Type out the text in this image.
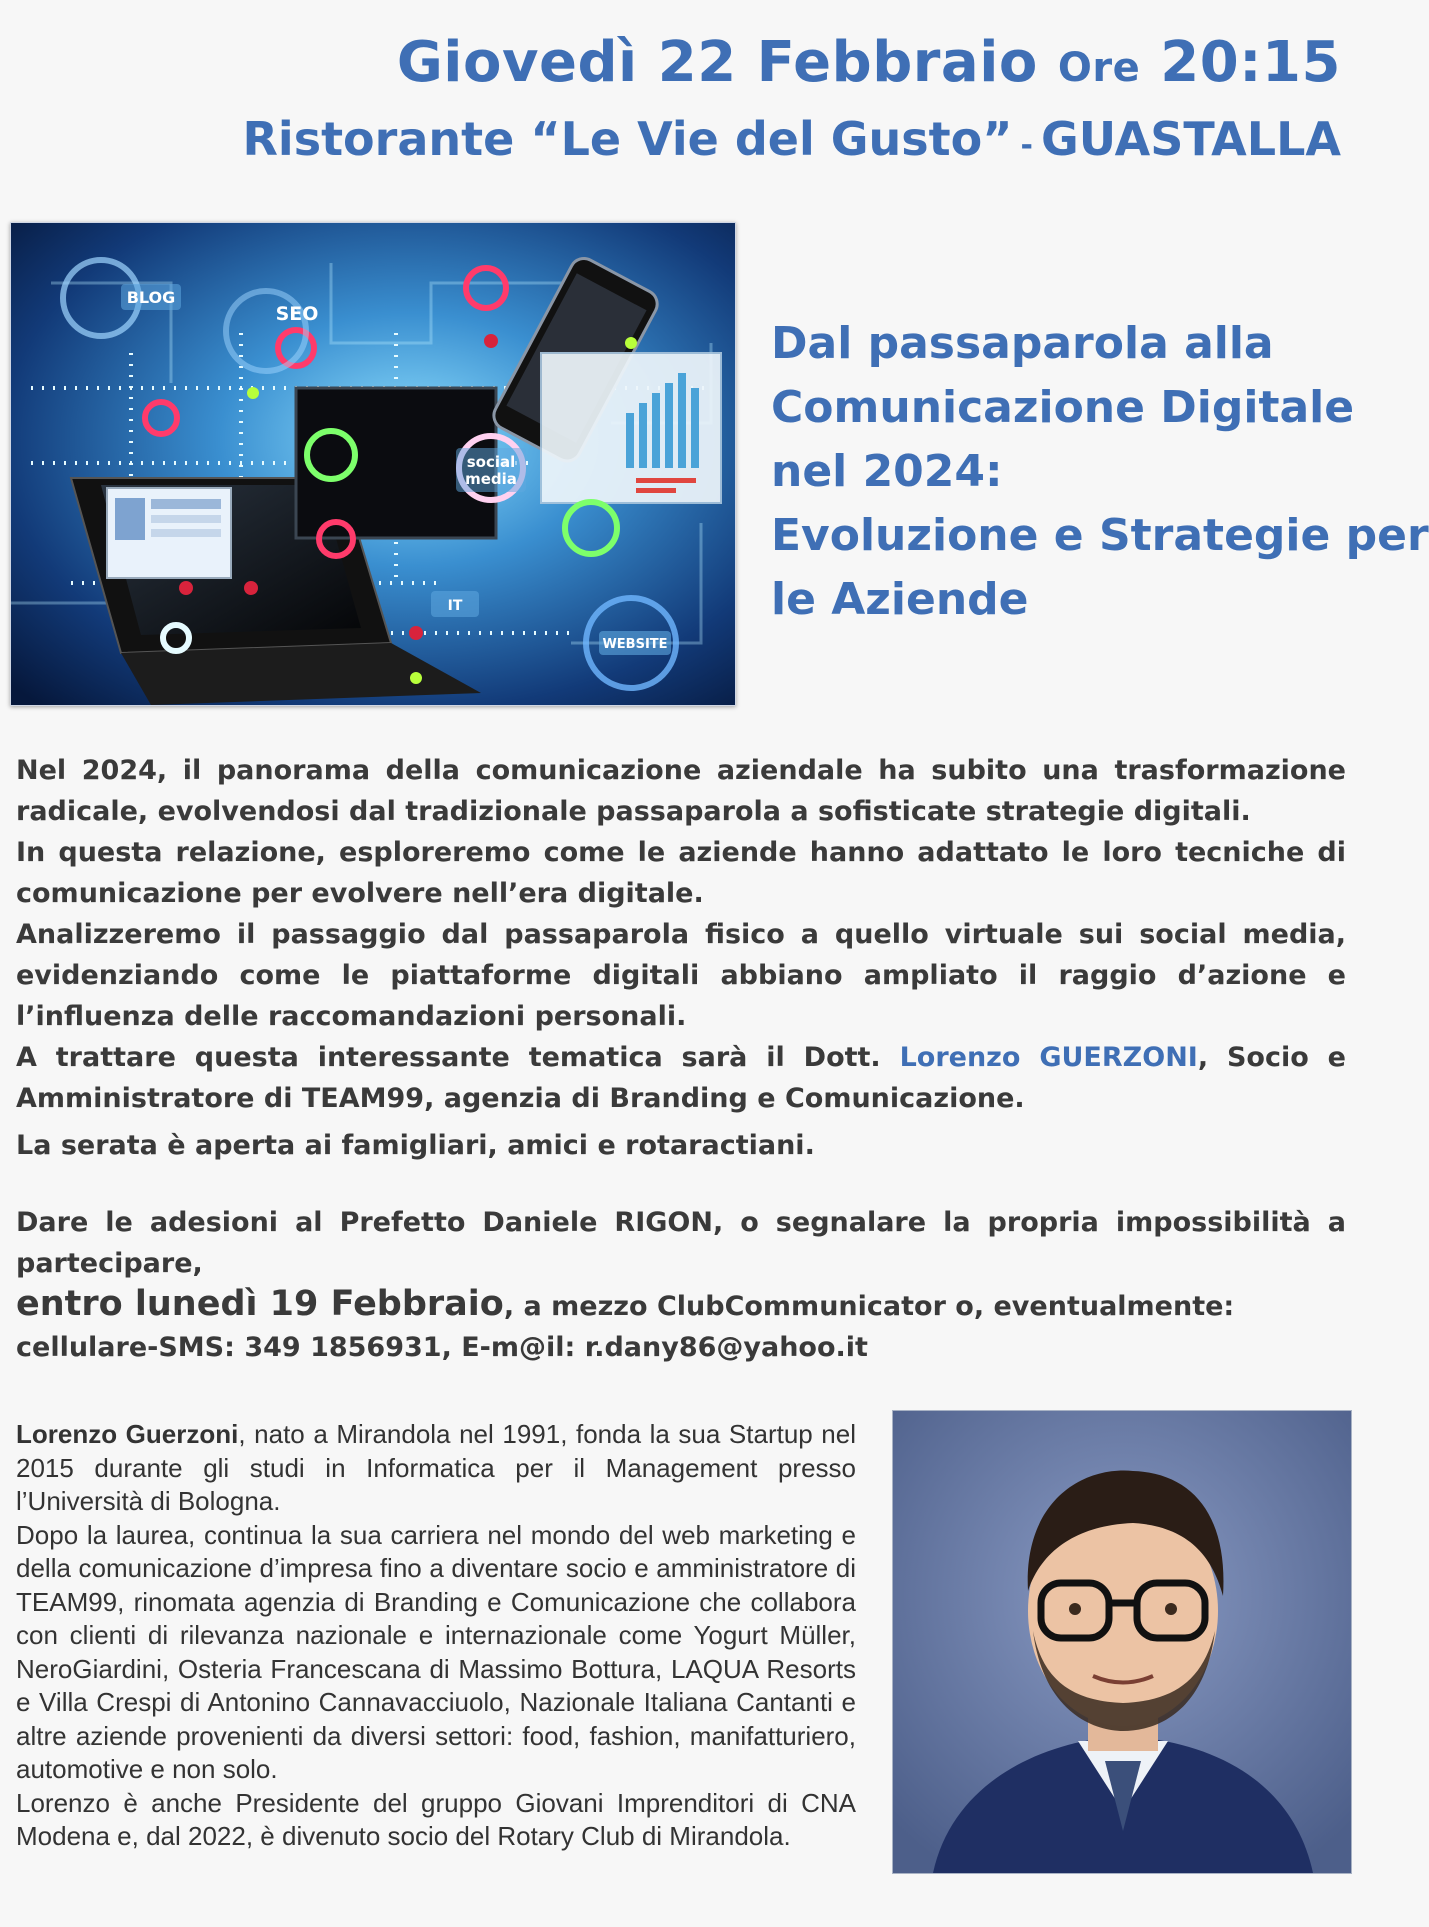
Giovedì 22 Febbraio Ore 20:15
Ristorante “Le Vie del Gusto” - GUASTALLA
BLOG
SEO
social
media
IT
WEBSITE
Dal passaparola alla
Comunicazione Digitale
nel 2024:
Evoluzione e Strategie per
le Aziende

Nel 2024, il panorama della comunicazione aziendale ha subito una trasformazione radicale, evolvendosi dal tradizionale passaparola a sofisticate strategie digitali.

In questa relazione, esploreremo come le aziende hanno adattato le loro tecniche di comunicazione per evolvere nell’era digitale.

Analizzeremo il passaggio dal passaparola fisico a quello virtuale sui social media, evidenziando come le piattaforme digitali abbiano ampliato il raggio d’azione e l’influenza delle raccomandazioni personali.

A trattare questa interessante tematica sarà il Dott. Lorenzo GUERZONI, Socio e Amministratore di TEAM99, agenzia di Branding e Comunicazione.

La serata è aperta ai famigliari, amici e rotaractiani.

Dare le adesioni al Prefetto Daniele RIGON, o segnalare la propria impossibilità a partecipare,
entro lunedì 19 Febbraio, a mezzo ClubCommunicator o, eventualmente:
cellulare-SMS: 349 1856931, E-m@il: r.dany86@yahoo.it

Lorenzo Guerzoni, nato a Mirandola nel 1991, fonda la sua Startup nel 2015 durante gli studi in Informatica per il Management presso l’Università di Bologna.

Dopo la laurea, continua la sua carriera nel mondo del web marketing e della comunicazione d’impresa fino a diventare socio e amministratore di TEAM99, rinomata agenzia di Branding e Comunicazione che collabora con clienti di rilevanza nazionale e internazionale come Yogurt Müller, NeroGiardini, Osteria Francescana di Massimo Bottura, LAQUA Resorts e Villa Crespi di Antonino Cannavacciuolo, Nazionale Italiana Cantanti e altre aziende provenienti da diversi settori: food, fashion, manifatturiero, automotive e non solo.

Lorenzo è anche Presidente del gruppo Giovani Imprenditori di CNA Modena e, dal 2022, è divenuto socio del Rotary Club di Mirandola.
